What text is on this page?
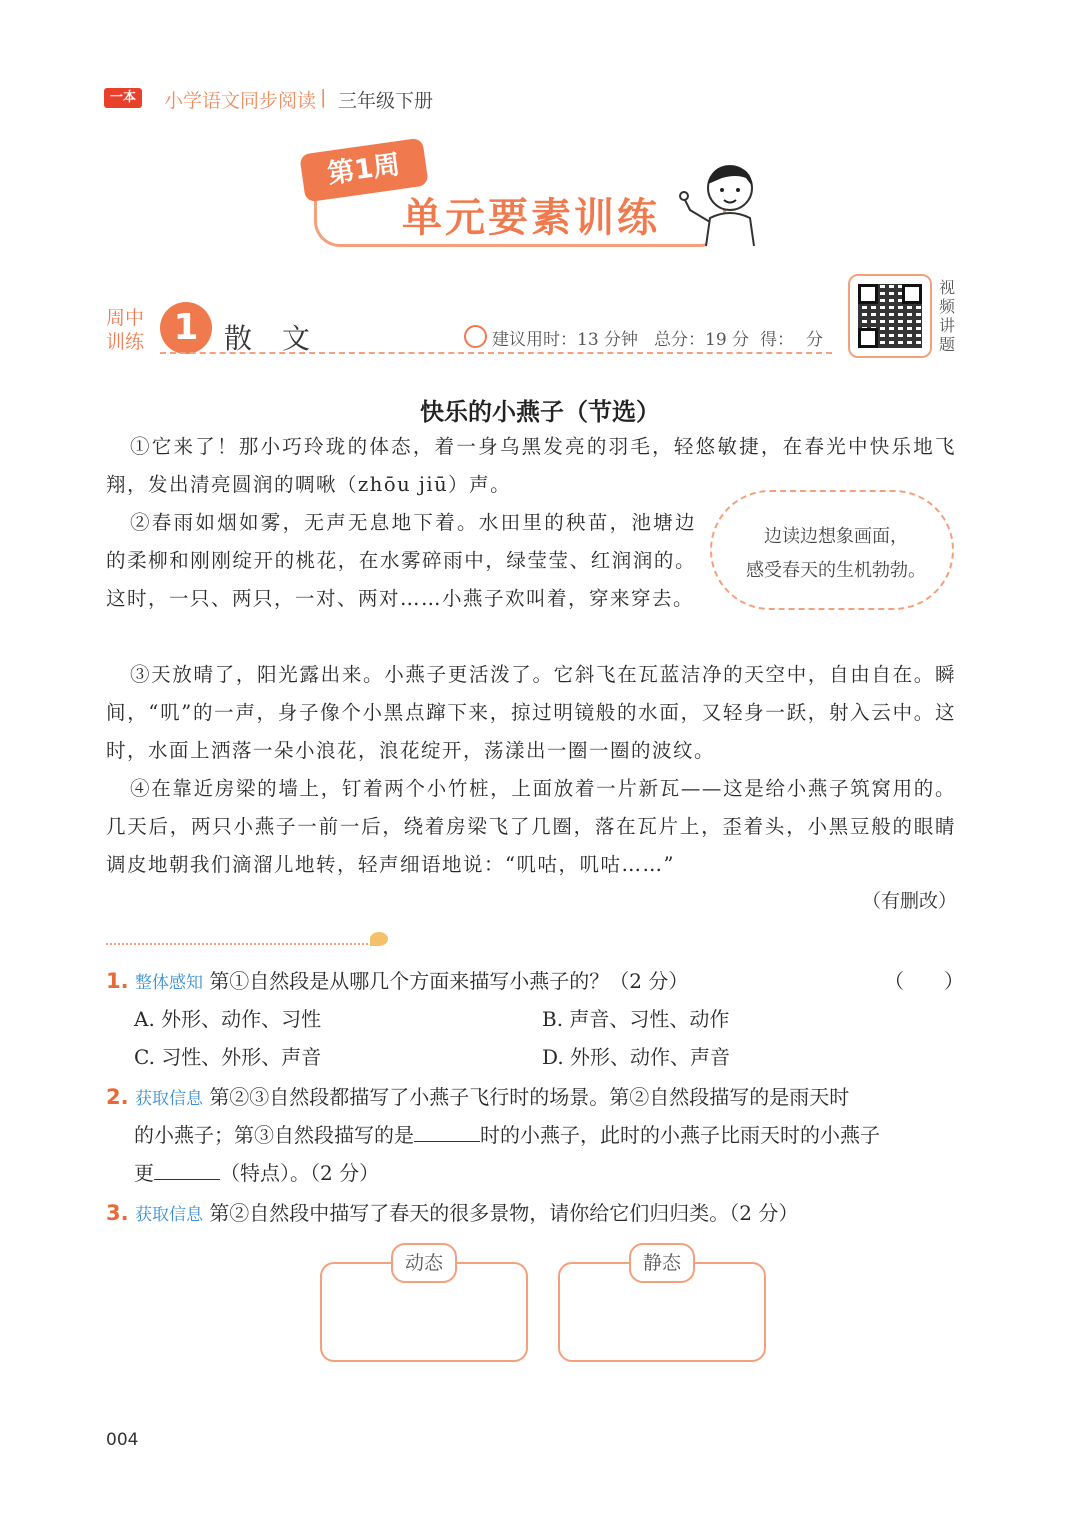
一本	小学语文同步阅读 | 三年级下册
第1周
单元要素训练
周中
训练 1 散文	建议用时：13 分钟 总分：19 分 得： 分
视频讲题
快乐的小燕子（节选）
①它来了！那小巧玲珑的体态，着一身乌黑发亮的羽毛，轻悠敏捷，在春光中快乐地飞翔，发出清亮圆润的啁啾（zhōu jiū）声。
②春雨如烟如雾，无声无息地下着。水田里的秧苗，池塘边的柔柳和刚刚绽开的桃花，在水雾碎雨中，绿莹莹、红润润的。这时，一只、两只，一对、两对……小燕子欢叫着，穿来穿去。
③天放晴了，阳光露出来。小燕子更活泼了。它斜飞在瓦蓝洁净的天空中，自由自在。瞬间，“叽”的一声，身子像个小黑点蹿下来，掠过明镜般的水面，又轻身一跃，射入云中。这时，水面上洒落一朵小浪花，浪花绽开，荡漾出一圈一圈的波纹。
④在靠近房梁的墙上，钉着两个小竹桩，上面放着一片新瓦——这是给小燕子筑窝用的。几天后，两只小燕子一前一后，绕着房梁飞了几圈，落在瓦片上，歪着头，小黑豆般的眼睛调皮地朝我们滴溜儿地转，轻声细语地说：“叽咕，叽咕……”
（有删改）
边读边想象画面，
感受春天的生机勃勃。
1. 整体感知 第①自然段是从哪几个方面来描写小燕子的？（2 分）	（　　）
A. 外形、动作、习性	B. 声音、习性、动作
C. 习性、外形、声音	D. 外形、动作、声音
2. 获取信息 第②③自然段都描写了小燕子飞行时的场景。第②自然段描写的是雨天时
的小燕子；第③自然段描写的是	时的小燕子，此时的小燕子比雨天时的小燕子
更	（特点）。（2 分）
3. 获取信息 第②自然段中描写了春天的很多景物，请你给它们归归类。（2 分）
动态	静态
004
